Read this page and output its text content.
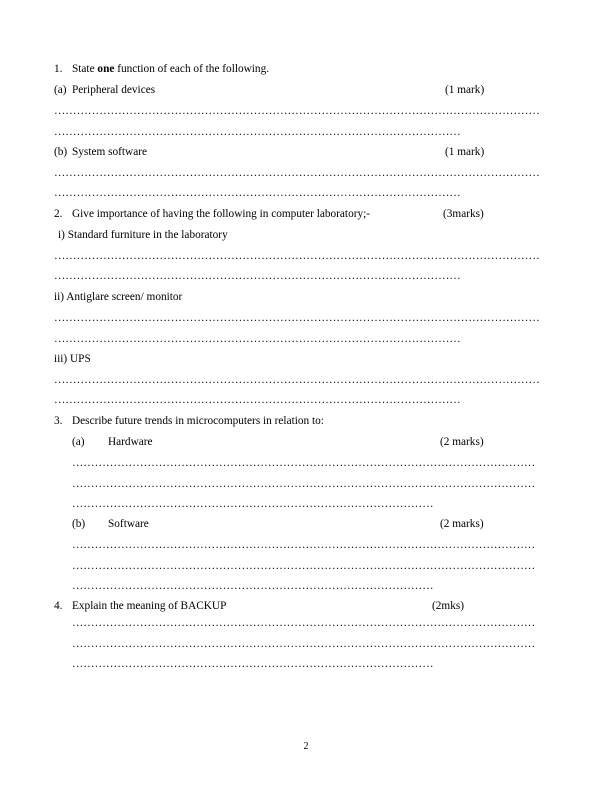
1. State one function of each of the following.
(a) Peripheral devices	(1 mark)
…………………………………………………………………………………………………………………
………………………………………………………………………………………………
(b) System software	(1 mark)
…………………………………………………………………………………………………………………
………………………………………………………………………………………………
2. Give importance of having the following in computer laboratory;-	(3marks)
i) Standard furniture in the laboratory
…………………………………………………………………………………………………………………
………………………………………………………………………………………………
ii) Antiglare screen/ monitor
…………………………………………………………………………………………………………………
………………………………………………………………………………………………
iii) UPS
…………………………………………………………………………………………………………………
………………………………………………………………………………………………
3. Describe future trends in microcomputers in relation to:
(a) Hardware	(2 marks)
……………………………………………………………………………………………………………
……………………………………………………………………………………………………………
……………………………………………………………………………………
(b) Software	(2 marks)
……………………………………………………………………………………………………………
……………………………………………………………………………………………………………
……………………………………………………………………………………
4. Explain the meaning of BACKUP	(2mks)
……………………………………………………………………………………………………………
……………………………………………………………………………………………………………
……………………………………………………………………………………
2
